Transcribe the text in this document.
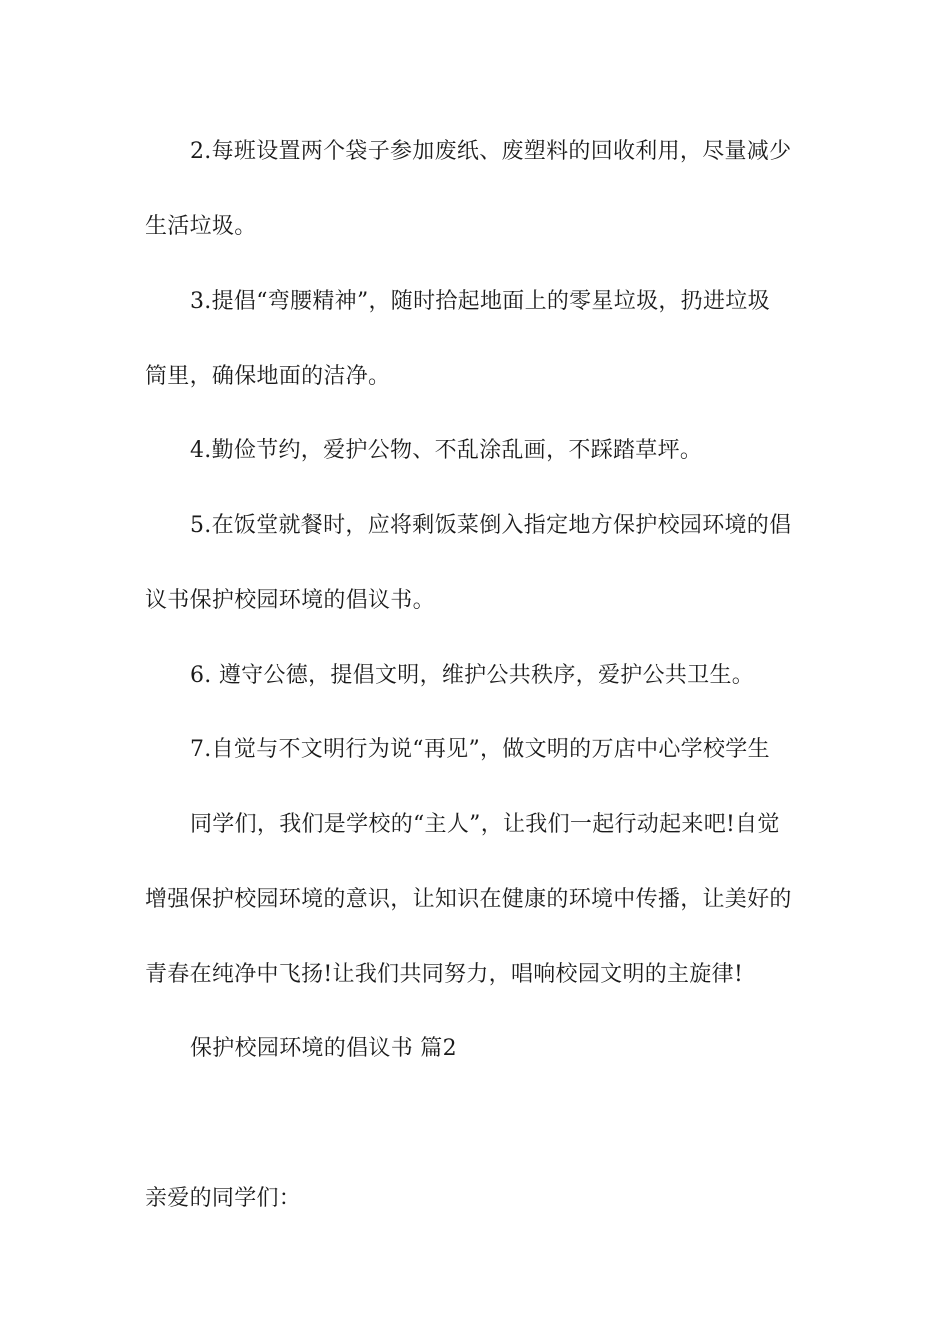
2.每班设置两个袋子参加废纸、废塑料的回收利用，尽量减少
生活垃圾。
3.提倡“弯腰精神”，随时拾起地面上的零星垃圾，扔进垃圾
筒里，确保地面的洁净。
4.勤俭节约，爱护公物、不乱涂乱画，不踩踏草坪。
5.在饭堂就餐时，应将剩饭菜倒入指定地方保护校园环境的倡
议书保护校园环境的倡议书。
6. 遵守公德，提倡文明，维护公共秩序，爱护公共卫生。
7.自觉与不文明行为说“再见”，做文明的万店中心学校学生
同学们，我们是学校的“主人”，让我们一起行动起来吧!自觉
增强保护校园环境的意识，让知识在健康的环境中传播，让美好的
青春在纯净中飞扬!让我们共同努力，唱响校园文明的主旋律!
保护校园环境的倡议书 篇2
亲爱的同学们：
